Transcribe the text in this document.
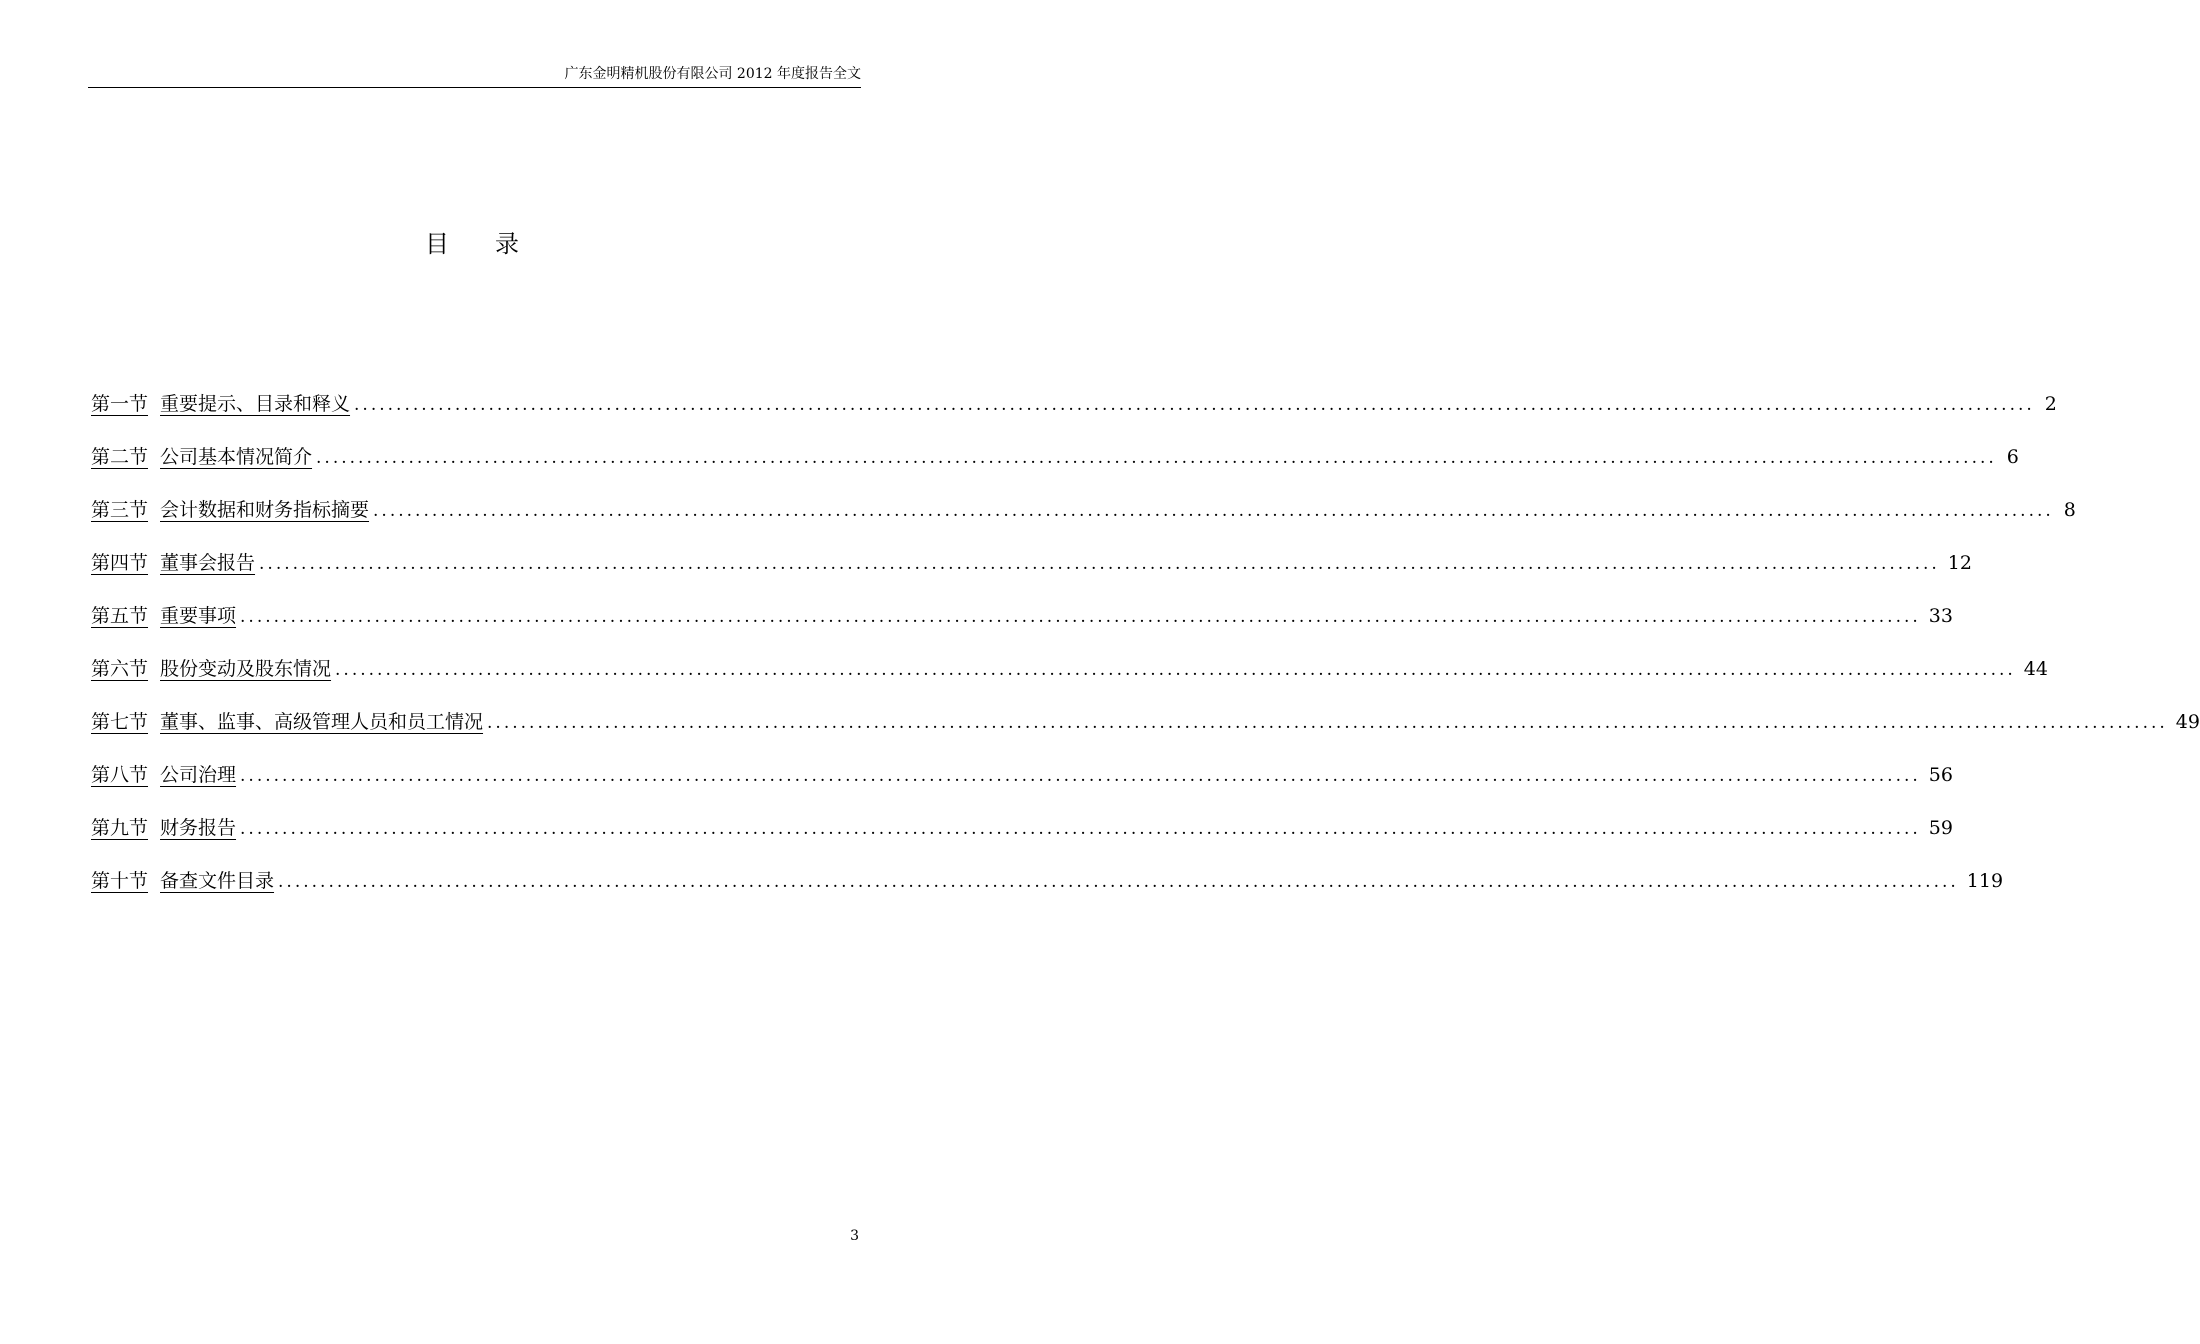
广东金明精机股份有限公司 2012 年度报告全文
目 录
第一节 重要提示、目录和释义 ........................................................................................................................................................................................................ 2
第二节 公司基本情况简介 ........................................................................................................................................................................................................ 6
第三节 会计数据和财务指标摘要 ........................................................................................................................................................................................................ 8
第四节 董事会报告 ........................................................................................................................................................................................................ 12
第五节 重要事项 ........................................................................................................................................................................................................ 33
第六节 股份变动及股东情况 ........................................................................................................................................................................................................ 44
第七节 董事、监事、高级管理人员和员工情况 ........................................................................................................................................................................................................ 49
第八节 公司治理 ........................................................................................................................................................................................................ 56
第九节 财务报告 ........................................................................................................................................................................................................ 59
第十节 备查文件目录 ........................................................................................................................................................................................................ 119
3
